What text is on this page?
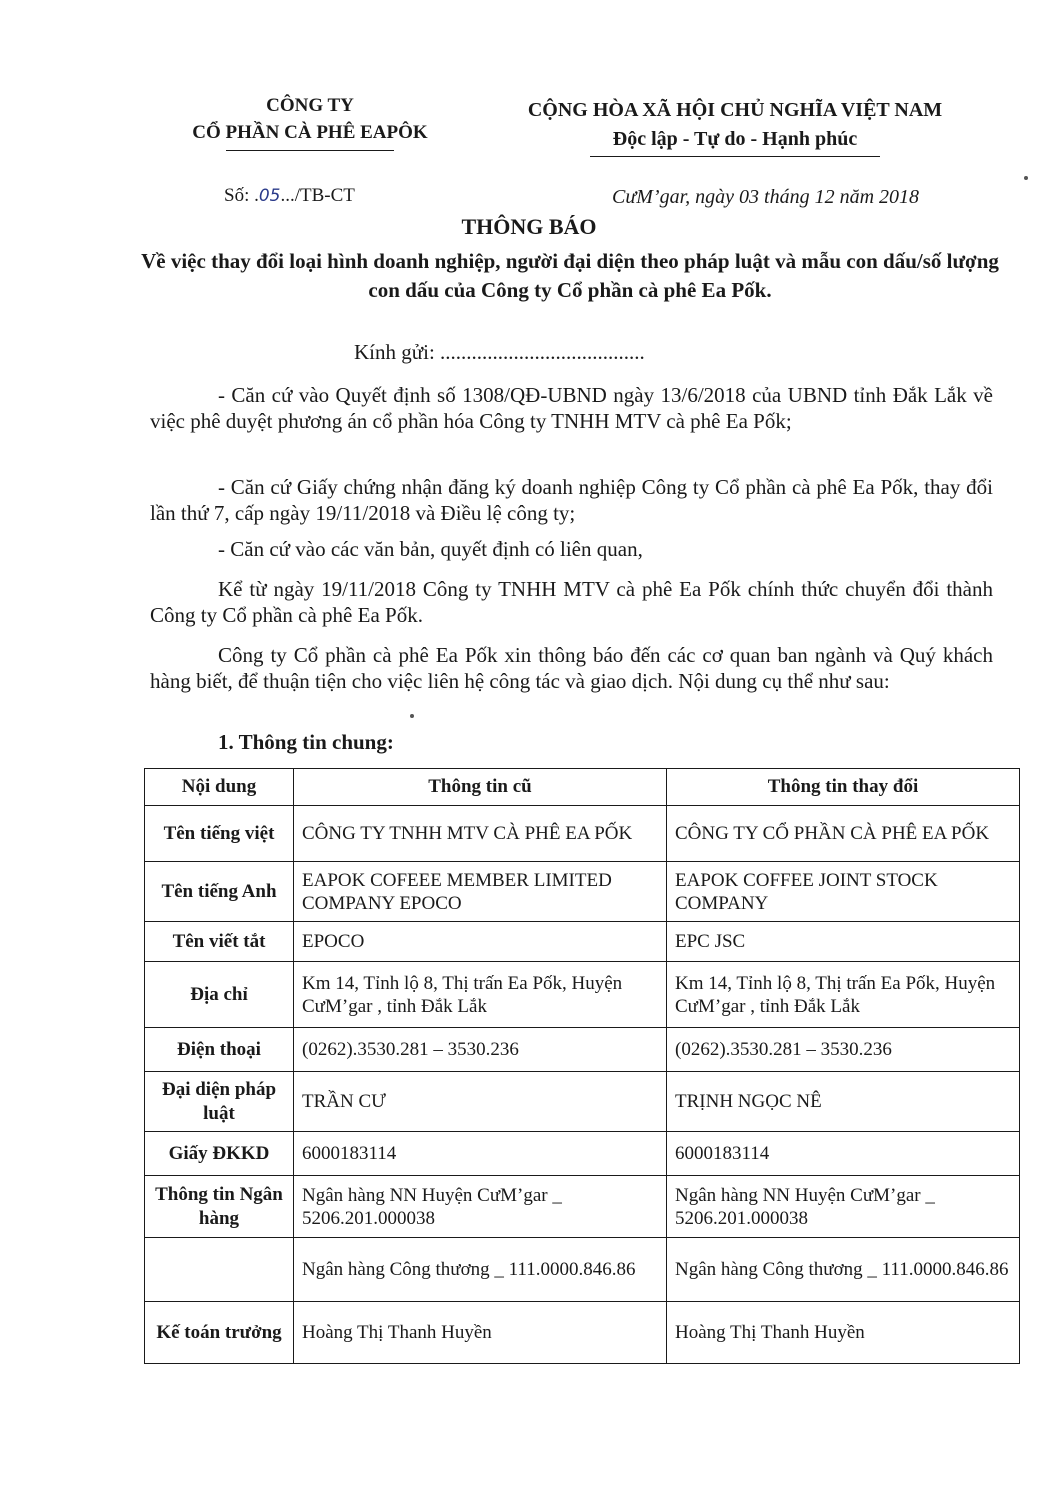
CÔNG TY
CỔ PHẦN CÀ PHÊ EAPÔK
CỘNG HÒA XÃ HỘI CHỦ NGHĨA VIỆT NAM
Độc lập - Tự do - Hạnh phúc
Số: .05.../TB-CT	CưM’gar, ngày 03 tháng 12 năm 2018
THÔNG BÁO
Về việc thay đổi loại hình doanh nghiệp, người đại diện theo pháp luật và mẫu con dấu/số lượng con dấu của Công ty Cổ phần cà phê Ea Pốk.
Kính gửi: .......................................
- Căn cứ vào Quyết định số 1308/QĐ-UBND ngày 13/6/2018 của UBND tỉnh Đắk Lắk về việc phê duyệt phương án cổ phần hóa Công ty TNHH MTV cà phê Ea Pốk;
- Căn cứ Giấy chứng nhận đăng ký doanh nghiệp Công ty Cổ phần cà phê Ea Pốk, thay đổi lần thứ 7, cấp ngày 19/11/2018 và Điều lệ công ty;
- Căn cứ vào các văn bản, quyết định có liên quan,
Kể từ ngày 19/11/2018 Công ty TNHH MTV cà phê Ea Pốk chính thức chuyển đổi thành Công ty Cổ phần cà phê Ea Pốk.
Công ty Cổ phần cà phê Ea Pốk xin thông báo đến các cơ quan ban ngành và Quý khách hàng biết, để thuận tiện cho việc liên hệ công tác và giao dịch. Nội dung cụ thể như sau:
1. Thông tin chung:
Nội dung	Thông tin cũ	Thông tin thay đổi
Tên tiếng việt	CÔNG TY TNHH MTV CÀ PHÊ EA PỐK	CÔNG TY CỔ PHẦN CÀ PHÊ EA PỐK
Tên tiếng Anh	EAPOK COFEEE MEMBER LIMITED COMPANY EPOCO	EAPOK COFFEE JOINT STOCK COMPANY
Tên viết tắt	EPOCO	EPC JSC
Địa chỉ	Km 14, Tỉnh lộ 8, Thị trấn Ea Pốk, Huyện CưM’gar , tỉnh Đắk Lắk	Km 14, Tỉnh lộ 8, Thị trấn Ea Pốk, Huyện CưM’gar , tỉnh Đắk Lắk
Điện thoại	(0262).3530.281 – 3530.236	(0262).3530.281 – 3530.236
Đại diện pháp luật	TRẦN CƯ	TRỊNH NGỌC NÊ
Giấy ĐKKD	6000183114	6000183114
Thông tin Ngân hàng	Ngân hàng NN Huyện CưM’gar _ 5206.201.000038	Ngân hàng NN Huyện CưM’gar _ 5206.201.000038
	Ngân hàng Công thương _ 111.0000.846.86	Ngân hàng Công thương _ 111.0000.846.86
Kế toán trưởng	Hoàng Thị Thanh Huyền	Hoàng Thị Thanh Huyền
